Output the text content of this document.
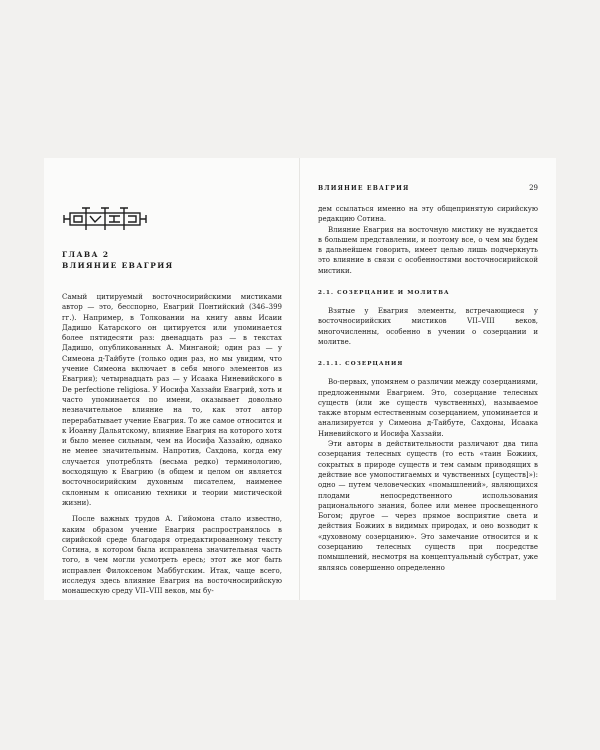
ГЛАВА 2
ВЛИЯНИЕ ЕВАГРИЯ

Самый цитируемый восточносирийскими мистиками автор — это, бесспорно, Евагрий Понтийский (346–399 гг.). Например, в Толковании на книгу аввы Исаии Дадишо Катарского он цитируется или упоминается более пятидесяти раз: двенадцать раз — в текстах Дадишо, опубликованных А. Минганой; один раз — у Симеона д-Тайбуте (только один раз, но мы увидим, что учение Симеона включает в себя много элементов из Евагрия); четырнадцать раз — у Исаака Ниневийского в De perfectione religiosa. У Иосифа Хаззайи Евагрий, хоть и часто упоминается по имени, оказывает довольно незначительное влияние на то, как этот автор перерабатывает учение Евагрия. То же самое относится и к Иоанну Дальятскому, влияние Евагрия на которого хотя и было менее сильным, чем на Иосифа Хаззайю, однако не менее значительным. Напротив, Сахдона, когда ему случается употреблять (весьма редко) терминологию, восходящую к Евагрию (в общем и целом он является восточносирийским духовным писателем, наименее склонным к описанию техники и теории мистической жизни).

После важных трудов А. Гийомона стало известно, каким образом учение Евагрия распространялось в сирийской среде благодаря отредактированному тексту Сотина, в котором была исправлена значительная часть того, в чем могли усмотреть ересь; этот же мог быть исправлен Филоксеном Маббугским. Итак, чаще всего, исследуя здесь влияние Евагрия на восточносирийскую монашескую среду VII–VIII веков, мы бу-

ВЛИЯНИЕ ЕВАГРИЯ	29

дем ссылаться именно на эту общепринятую сирийскую редакцию Сотина.

Влияние Евагрия на восточную мистику не нуждается в большем представлении, и поэтому все, о чем мы будем в дальнейшем говорить, имеет целью лишь подчеркнуть это влияние в связи с особенностями восточносирийской мистики.

2.1. СОЗЕРЦАНИЕ И МОЛИТВА

Взятые у Евагрия элементы, встречающиеся у восточносирийских мистиков VII–VIII веков, многочисленны, особенно в учении о созерцании и молитве.

2.1.1. СОЗЕРЦАНИЯ

Во-первых, упомянем о различии между созерцаниями, предложенными Евагрием. Это, созерцание телесных существ (или же существ чувственных), называемое также вторым естественным созерцанием, упоминается и анализируется у Симеона д-Тайбуте, Сахдоны, Исаака Ниневийского и Иосифа Хаззайи.

Эти авторы в действительности различают два типа созерцания телесных существ (то есть «таин Божиих, сокрытых в природе существ и тем самым приводящих в действие все умопостигаемых и чувственных [существ]»): одно — путем человеческих «помышлений», являющихся плодами непосредственного использования рационального знания, более или менее просвещенного Богом; другое — через прямое восприятие света и действия Божиих в видимых природах, и оно возводит к «духовному созерцанию». Это замечание относится и к созерцанию телесных существ при посредстве помышлений, несмотря на концептуальный субстрат, уже являясь совершенно определенно
